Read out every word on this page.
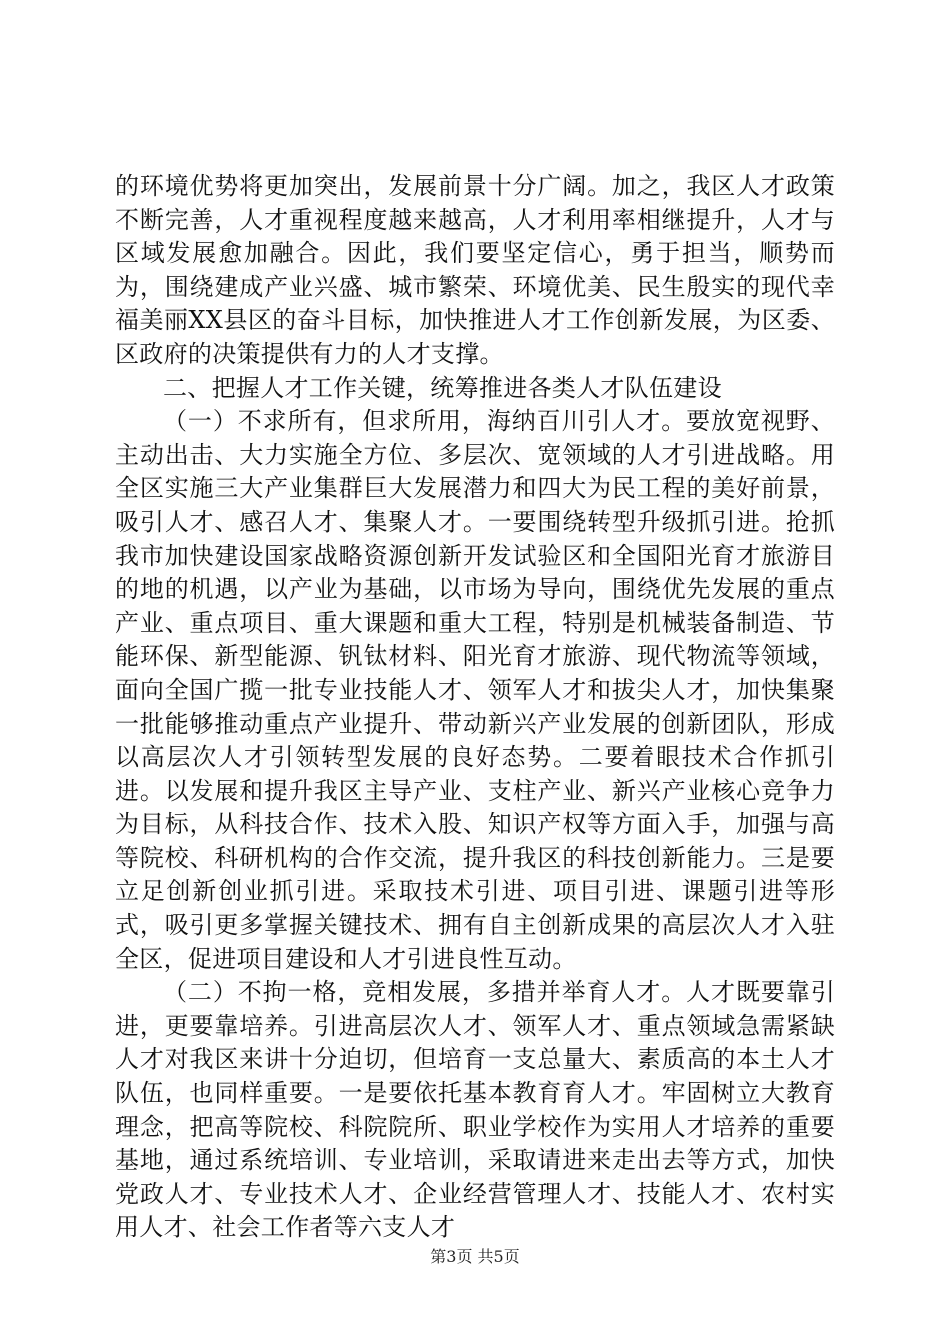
的环境优势将更加突出，发展前景十分广阔。加之，我区人才政策不断完善，人才重视程度越来越高，人才利用率相继提升，人才与区域发展愈加融合。因此，我们要坚定信心，勇于担当，顺势而为，围绕建成产业兴盛、城市繁荣、环境优美、民生殷实的现代幸福美丽XX县区的奋斗目标，加快推进人才工作创新发展，为区委、区政府的决策提供有力的人才支撑。

二、把握人才工作关键，统筹推进各类人才队伍建设

（一）不求所有，但求所用，海纳百川引人才。要放宽视野、主动出击、大力实施全方位、多层次、宽领域的人才引进战略。用全区实施三大产业集群巨大发展潜力和四大为民工程的美好前景，吸引人才、感召人才、集聚人才。一要围绕转型升级抓引进。抢抓我市加快建设国家战略资源创新开发试验区和全国阳光育才旅游目的地的机遇，以产业为基础，以市场为导向，围绕优先发展的重点产业、重点项目、重大课题和重大工程，特别是机械装备制造、节能环保、新型能源、钒钛材料、阳光育才旅游、现代物流等领域，面向全国广揽一批专业技能人才、领军人才和拔尖人才，加快集聚一批能够推动重点产业提升、带动新兴产业发展的创新团队，形成以高层次人才引领转型发展的良好态势。二要着眼技术合作抓引进。以发展和提升我区主导产业、支柱产业、新兴产业核心竞争力为目标，从科技合作、技术入股、知识产权等方面入手，加强与高等院校、科研机构的合作交流，提升我区的科技创新能力。三是要立足创新创业抓引进。采取技术引进、项目引进、课题引进等形式，吸引更多掌握关键技术、拥有自主创新成果的高层次人才入驻全区，促进项目建设和人才引进良性互动。

（二）不拘一格，竞相发展，多措并举育人才。人才既要靠引进，更要靠培养。引进高层次人才、领军人才、重点领域急需紧缺人才对我区来讲十分迫切，但培育一支总量大、素质高的本土人才队伍，也同样重要。一是要依托基本教育育人才。牢固树立大教育理念，把高等院校、科院院所、职业学校作为实用人才培养的重要基地，通过系统培训、专业培训，采取请进来走出去等方式，加快党政人才、专业技术人才、企业经营管理人才、技能人才、农村实用人才、社会工作者等六支人才

第3页 共5页
